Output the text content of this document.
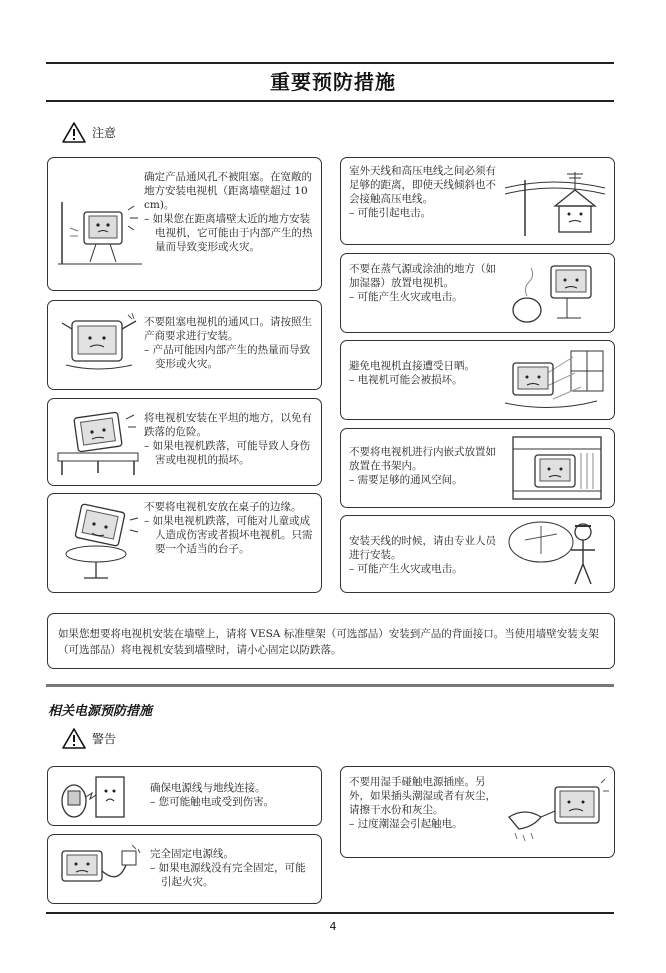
重要预防措施
注意

确定产品通风孔不被阻塞。在宽敞的地方安装电视机（距离墙壁超过 10 cm)。

– 如果您在距离墙壁太近的地方安装电视机，它可能由于内部产生的热量而导致变形或火灾。

不要阻塞电视机的通风口。请按照生产商要求进行安装。

– 产品可能因内部产生的热量而导致变形或火灾。

将电视机安装在平坦的地方，以免有跌落的危险。

– 如果电视机跌落，可能导致人身伤害或电视机的损坏。

不要将电视机安放在桌子的边缘。

– 如果电视机跌落，可能对儿童或成人造成伤害或者损坏电视机。只需要一个适当的台子。

室外天线和高压电线之间必须有足够的距离，即使天线倾斜也不会接触高压电线。

– 可能引起电击。

不要在蒸气源或涂油的地方（如加湿器）放置电视机。

– 可能产生火灾或电击。

避免电视机直接遭受日晒。

– 电视机可能会被损坏。

不要将电视机进行内嵌式放置如放置在书架内。

– 需要足够的通风空间。

安装天线的时候，请由专业人员进行安装。

– 可能产生火灾或电击。

如果您想要将电视机安装在墙壁上，请将 VESA 标准壁架（可选部品）安装到产品的背面接口。当使用墙壁安装支架（可选部品）将电视机安装到墙壁时，请小心固定以防跌落。
相关电源预防措施
警告

确保电源线与地线连接。

– 您可能触电或受到伤害。

完全固定电源线。

– 如果电源线没有完全固定，可能引起火灾。

不要用湿手碰触电源插座。另外，如果插头潮湿或者有灰尘，请擦干水份和灰尘。

– 过度潮湿会引起触电。

4
